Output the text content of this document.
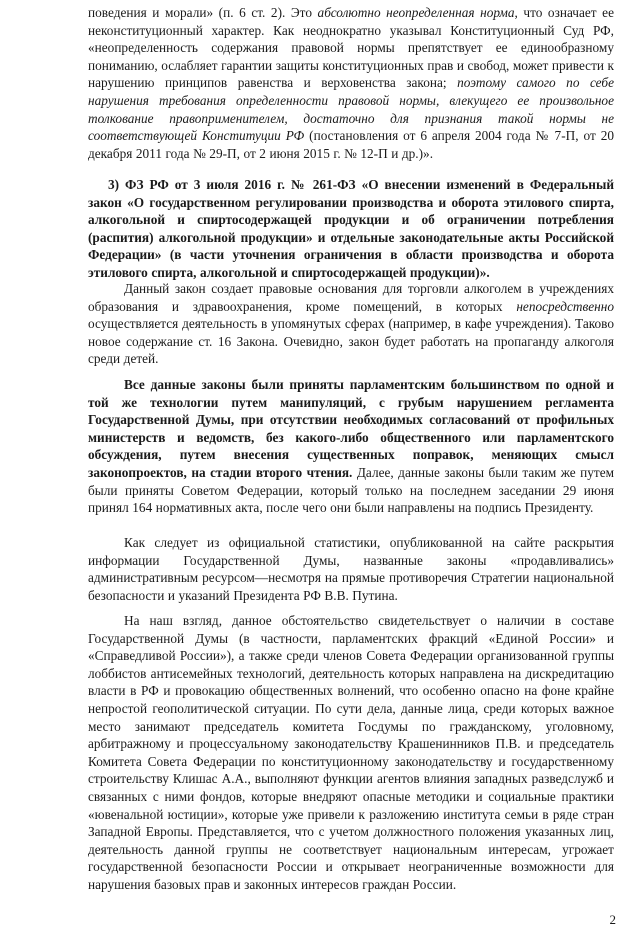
поведения и морали» (п. 6 ст. 2). Это абсолютно неопределенная норма, что означает ее неконституционный характер. Как неоднократно указывал Конституционный Суд РФ, «неопределенность содержания правовой нормы препятствует ее единообразному пониманию, ослабляет гарантии защиты конституционных прав и свобод, может привести к нарушению принципов равенства и верховенства закона; поэтому самого по себе нарушения требования определенности правовой нормы, влекущего ее произвольное толкование правоприменителем, достаточно для признания такой нормы не соответствующей Конституции РФ (постановления от 6 апреля 2004 года № 7-П, от 20 декабря 2011 года № 29-П, от 2 июня 2015 г. № 12-П и др.)».

3) ФЗ РФ от 3 июля 2016 г. № 261-ФЗ «О внесении изменений в Федеральный закон «О государственном регулировании производства и оборота этилового спирта, алкогольной и спиртосодержащей продукции и об ограничении потребления (распития) алкогольной продукции» и отдельные законодательные акты Российской Федерации» (в части уточнения ограничения в области производства и оборота этилового спирта, алкогольной и спиртосодержащей продукции)».

Данный закон создает правовые основания для торговли алкоголем в учреждениях образования и здравоохранения, кроме помещений, в которых непосредственно осуществляется деятельность в упомянутых сферах (например, в кафе учреждения). Таково новое содержание ст. 16 Закона. Очевидно, закон будет работать на пропаганду алкоголя среди детей.

Все данные законы были приняты парламентским большинством по одной и той же технологии путем манипуляций, с грубым нарушением регламента Государственной Думы, при отсутствии необходимых согласований от профильных министерств и ведомств, без какого-либо общественного или парламентского обсуждения, путем внесения существенных поправок, меняющих смысл законопроектов, на стадии второго чтения. Далее, данные законы были таким же путем были приняты Советом Федерации, который только на последнем заседании 29 июня принял 164 нормативных акта, после чего они были направлены на подпись Президенту.

Как следует из официальной статистики, опубликованной на сайте раскрытия информации Государственной Думы, названные законы «продавливались» административным ресурсом—несмотря на прямые противоречия Стратегии национальной безопасности и указаний Президента РФ В.В. Путина.

На наш взгляд, данное обстоятельство свидетельствует о наличии в составе Государственной Думы (в частности, парламентских фракций «Единой России» и «Справедливой России»), а также среди членов Совета Федерации организованной группы лоббистов антисемейных технологий, деятельность которых направлена на дискредитацию власти в РФ и провокацию общественных волнений, что особенно опасно на фоне крайне непростой геополитической ситуации. По сути дела, данные лица, среди которых важное место занимают председатель комитета Госдумы по гражданскому, уголовному, арбитражному и процессуальному законодательству Крашенинников П.В. и председатель Комитета Совета Федерации по конституционному законодательству и государственному строительству Клишас А.А., выполняют функции агентов влияния западных разведслужб и связанных с ними фондов, которые внедряют опасные методики и социальные практики «ювенальной юстиции», которые уже привели к разложению института семьи в ряде стран Западной Европы. Представляется, что с учетом должностного положения указанных лиц, деятельность данной группы не соответствует национальным интересам, угрожает государственной безопасности России и открывает неограниченные возможности для нарушения базовых прав и законных интересов граждан России.

2
